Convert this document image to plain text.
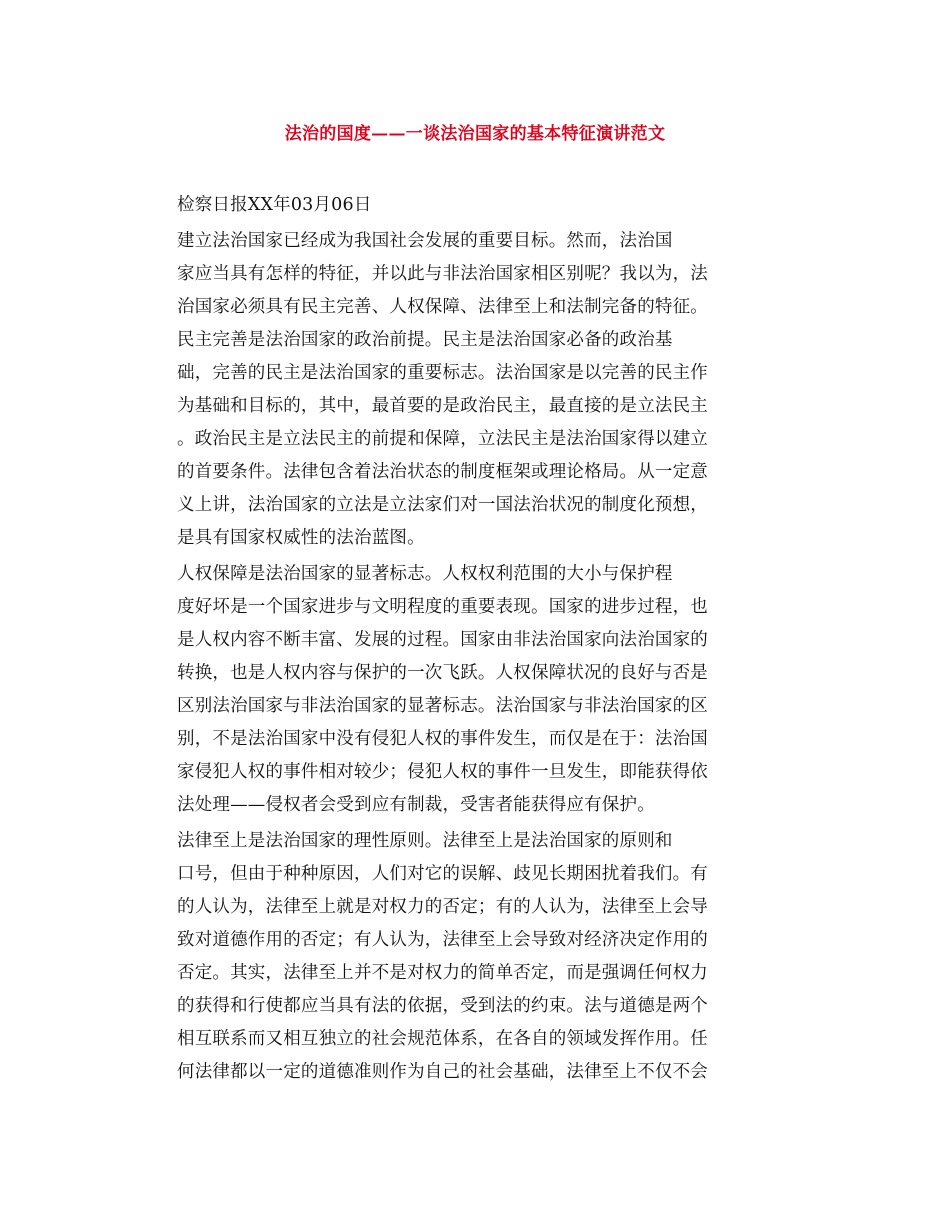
法治的国度——一谈法治国家的基本特征演讲范文
检察日报XX年03月06日
建立法治国家已经成为我国社会发展的重要目标。然而，法治国
家应当具有怎样的特征，并以此与非法治国家相区别呢？我以为，法
治国家必须具有民主完善、人权保障、法律至上和法制完备的特征。
民主完善是法治国家的政治前提。民主是法治国家必备的政治基
础，完善的民主是法治国家的重要标志。法治国家是以完善的民主作
为基础和目标的，其中，最首要的是政治民主，最直接的是立法民主
。政治民主是立法民主的前提和保障，立法民主是法治国家得以建立
的首要条件。法律包含着法治状态的制度框架或理论格局。从一定意
义上讲，法治国家的立法是立法家们对一国法治状况的制度化预想，
是具有国家权威性的法治蓝图。
人权保障是法治国家的显著标志。人权权利范围的大小与保护程
度好坏是一个国家进步与文明程度的重要表现。国家的进步过程，也
是人权内容不断丰富、发展的过程。国家由非法治国家向法治国家的
转换，也是人权内容与保护的一次飞跃。人权保障状况的良好与否是
区别法治国家与非法治国家的显著标志。法治国家与非法治国家的区
别，不是法治国家中没有侵犯人权的事件发生，而仅是在于：法治国
家侵犯人权的事件相对较少；侵犯人权的事件一旦发生，即能获得依
法处理——侵权者会受到应有制裁，受害者能获得应有保护。
法律至上是法治国家的理性原则。法律至上是法治国家的原则和
口号，但由于种种原因，人们对它的误解、歧见长期困扰着我们。有
的人认为，法律至上就是对权力的否定；有的人认为，法律至上会导
致对道德作用的否定；有人认为，法律至上会导致对经济决定作用的
否定。其实，法律至上并不是对权力的简单否定，而是强调任何权力
的获得和行使都应当具有法的依据，受到法的约束。法与道德是两个
相互联系而又相互独立的社会规范体系，在各自的领域发挥作用。任
何法律都以一定的道德准则作为自己的社会基础，法律至上不仅不会
